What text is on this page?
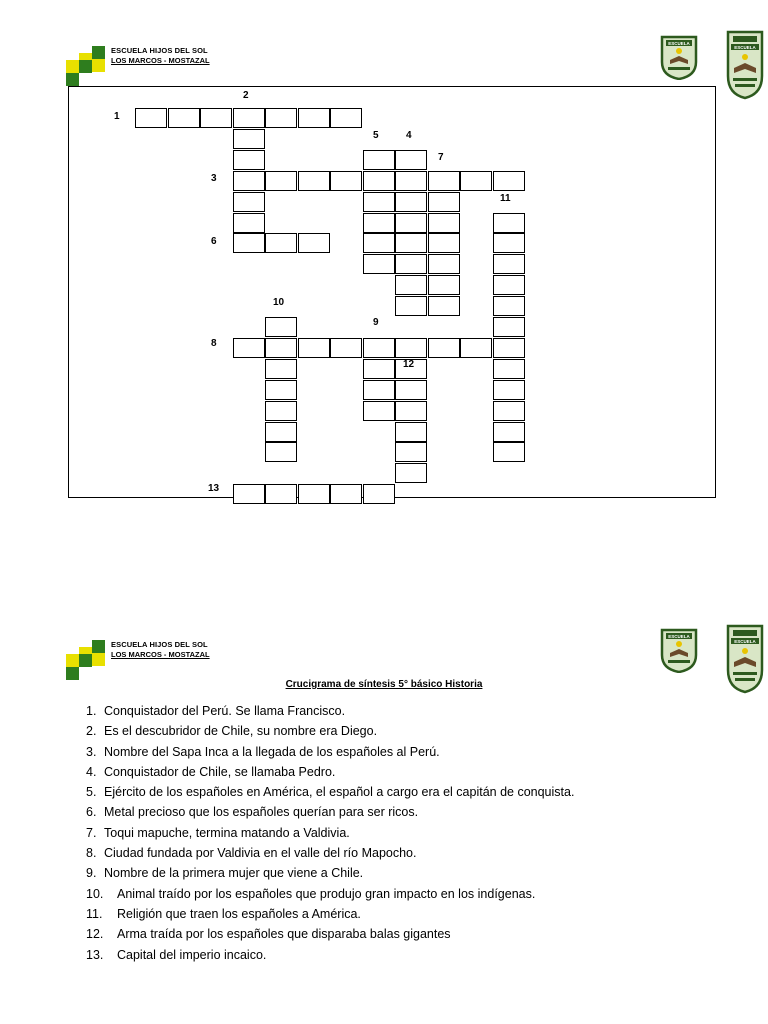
ESCUELA HIJOS DEL SOL
LOS MARCOS - MOSTAZAL
ESCUELA
ESCUELA
1
2
3
4
5
6
7
8
9
10
11
12
13
ESCUELA HIJOS DEL SOL
LOS MARCOS - MOSTAZAL
ESCUELA
ESCUELA
Crucigrama de síntesis 5° básico Historia
1. Conquistador del Perú. Se llama Francisco.
2. Es el descubridor de Chile, su nombre era Diego.
3. Nombre del Sapa Inca a la llegada de los españoles al Perú.
4. Conquistador de Chile, se llamaba Pedro.
5. Ejército de los españoles en América, el español a cargo era el capitán de conquista.
6. Metal precioso que los españoles querían para ser ricos.
7. Toqui mapuche, termina matando a Valdivia.
8. Ciudad fundada por Valdivia en el valle del río Mapocho.
9. Nombre de la primera mujer que viene a Chile.
10. Animal traído por los españoles que produjo gran impacto en los indígenas.
11. Religión que traen los españoles a América.
12. Arma traída por los españoles que disparaba balas gigantes
13. Capital del imperio incaico.
